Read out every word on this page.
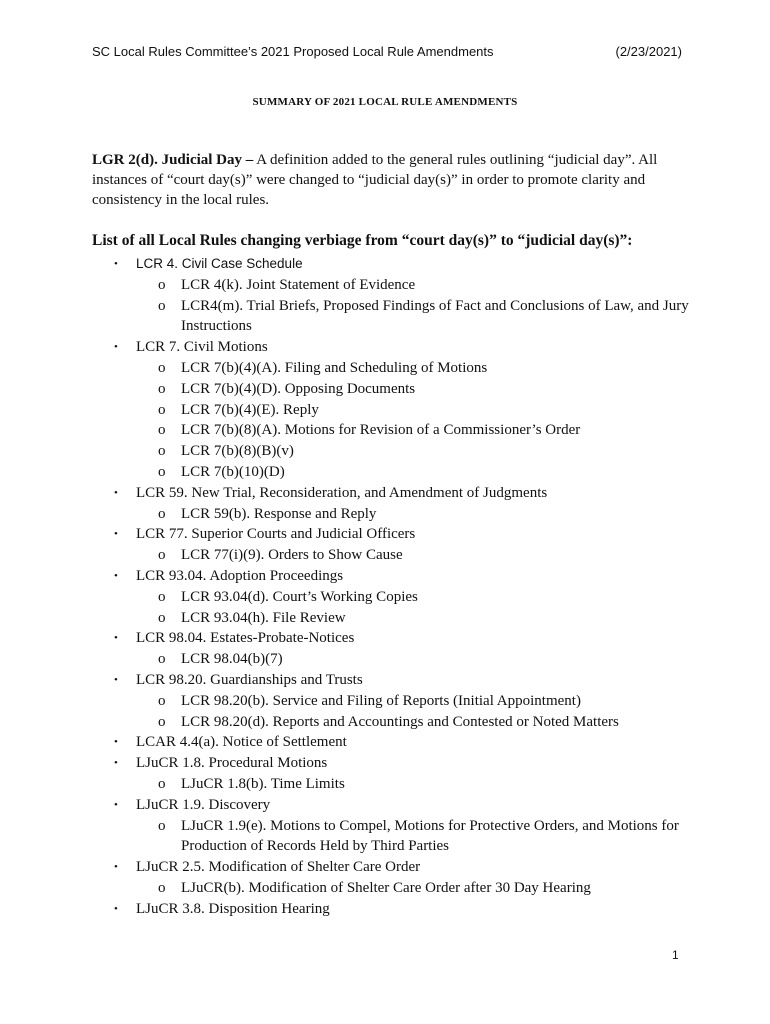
SC Local Rules Committee’s 2021 Proposed Local Rule Amendments	(2/23/2021)
SUMMARY OF 2021 LOCAL RULE AMENDMENTS

LGR 2(d). Judicial Day – A definition added to the general rules outlining “judicial day”. All instances of “court day(s)” were changed to “judicial day(s)” in order to promote clarity and consistency in the local rules.

List of all Local Rules changing verbiage from “court day(s)” to “judicial day(s)”:
• LCR 4. Civil Case Schedule
o LCR 4(k). Joint Statement of Evidence
o LCR4(m). Trial Briefs, Proposed Findings of Fact and Conclusions of Law, and Jury Instructions
• LCR 7. Civil Motions
o LCR 7(b)(4)(A). Filing and Scheduling of Motions
o LCR 7(b)(4)(D). Opposing Documents
o LCR 7(b)(4)(E). Reply
o LCR 7(b)(8)(A). Motions for Revision of a Commissioner’s Order
o LCR 7(b)(8)(B)(v)
o LCR 7(b)(10)(D)
• LCR 59. New Trial, Reconsideration, and Amendment of Judgments
o LCR 59(b). Response and Reply
• LCR 77. Superior Courts and Judicial Officers
o LCR 77(i)(9). Orders to Show Cause
• LCR 93.04. Adoption Proceedings
o LCR 93.04(d). Court’s Working Copies
o LCR 93.04(h). File Review
• LCR 98.04. Estates-Probate-Notices
o LCR 98.04(b)(7)
• LCR 98.20. Guardianships and Trusts
o LCR 98.20(b). Service and Filing of Reports (Initial Appointment)
o LCR 98.20(d). Reports and Accountings and Contested or Noted Matters
• LCAR 4.4(a). Notice of Settlement
• LJuCR 1.8. Procedural Motions
o LJuCR 1.8(b). Time Limits
• LJuCR 1.9. Discovery
o LJuCR 1.9(e). Motions to Compel, Motions for Protective Orders, and Motions for Production of Records Held by Third Parties
• LJuCR 2.5. Modification of Shelter Care Order
o LJuCR(b). Modification of Shelter Care Order after 30 Day Hearing
• LJuCR 3.8. Disposition Hearing
1
